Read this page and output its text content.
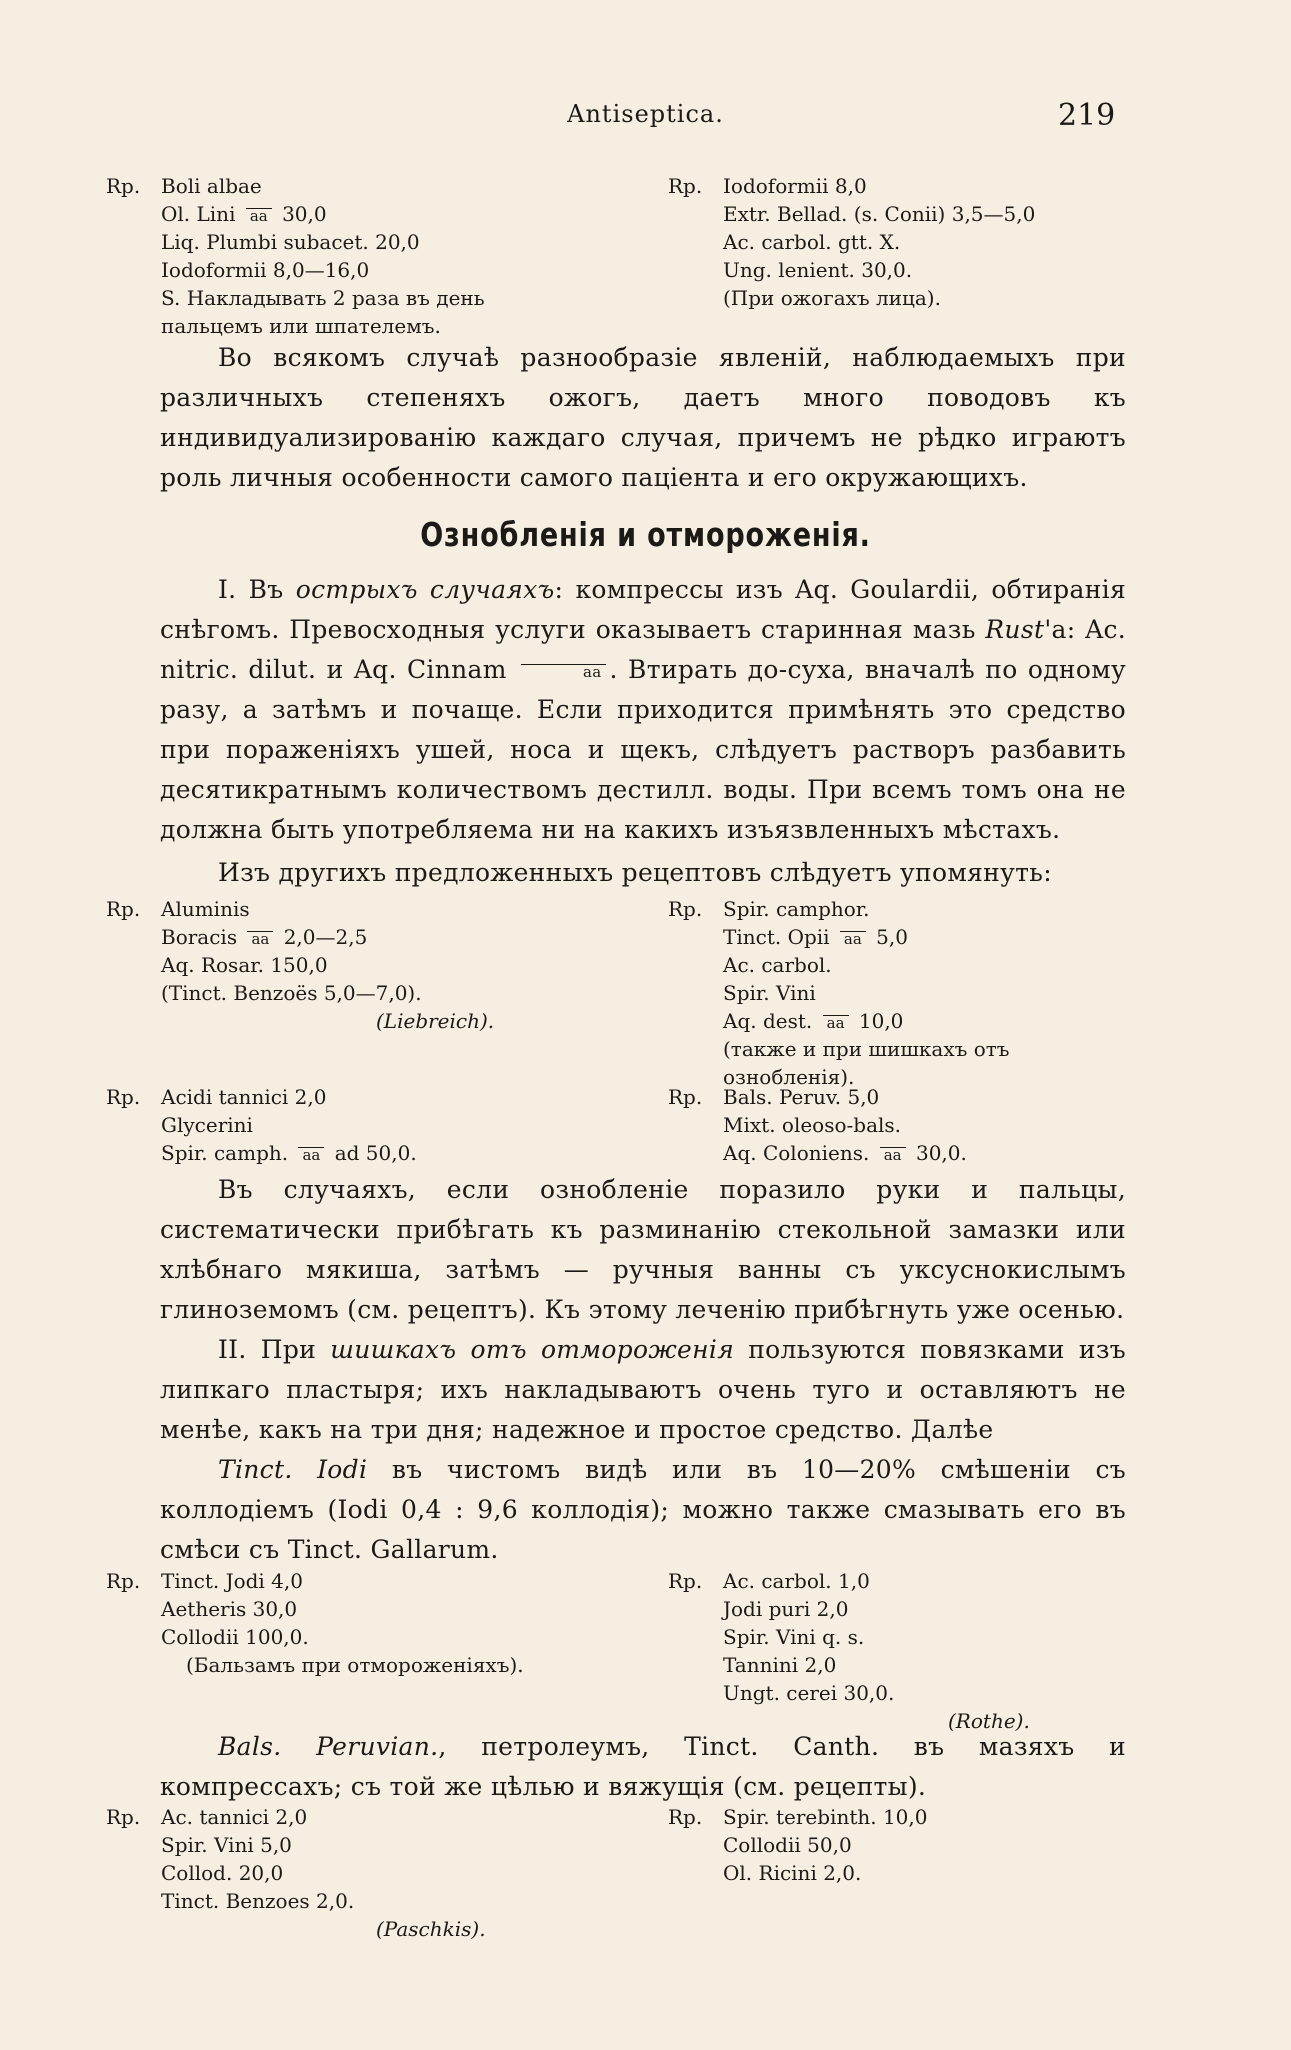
Antiseptica.	219
Rp.	Boli albae
Ol. Lini aa 30,0
Liq. Plumbi subacet. 20,0
Iodoformii 8,0—16,0
S. Накладывать 2 раза въ день
пальцемъ или шпателемъ.
Rp.	Iodoformii 8,0
Extr. Bellad. (s. Conii) 3,5—5,0
Ac. carbol. gtt. X.
Ung. lenient. 30,0.
(При ожогахъ лица).
Во всякомъ случаѣ разнообразіе явленій, наблюдаемыхъ при различныхъ степеняхъ ожогъ, даетъ много поводовъ къ индивидуализированію каждаго случая, причемъ не рѣдко играютъ роль личныя особенности самого паціента и его окружающихъ.
Ознобленія и отмороженія.
I. Въ острыхъ случаяхъ: компрессы изъ Aq. Goulardii, обтиранія снѣгомъ. Превосходныя услуги оказываетъ старинная мазь Rust'а: Ac. nitric. dilut. и Aq. Cinnam	aa . Втирать до-суха, вначалѣ по одному разу, а затѣмъ и почаще. Если приходится примѣнять это средство при пораженіяхъ ушей, носа и щекъ, слѣдуетъ растворъ разбавить десятикратнымъ количествомъ дестилл. воды. При всемъ томъ она не должна быть употребляема ни на какихъ изъязвленныхъ мѣстахъ.
Изъ другихъ предложенныхъ рецептовъ слѣдуетъ упомянуть:
Rp.	Aluminis
Boracis aa 2,0—2,5
Aq. Rosar. 150,0
(Tinct. Benzoës 5,0—7,0).
(Liebreich).
Rp.	Spir. camphor.
Tinct. Opii aa 5,0
Ac. carbol.
Spir. Vini
Aq. dest. aa 10,0
(также и при шишкахъ отъ ознобленія).
Rp.	Acidi tannici 2,0
Glycerini
Spir. camph. aa ad 50,0.
Rp.	Bals. Peruv. 5,0
Mixt. oleoso-bals.
Aq. Coloniens. aa 30,0.
Въ случаяхъ, если ознобленіе поразило руки и пальцы, систематически прибѣгать къ разминанію стекольной замазки или хлѣбнаго мякиша, затѣмъ — ручныя ванны съ уксуснокислымъ глиноземомъ (см. рецептъ). Къ этому леченію прибѣгнуть уже осенью.
II. При шишкахъ отъ отмороженія пользуются повязками изъ липкаго пластыря; ихъ накладываютъ очень туго и оставляютъ не менѣе, какъ на три дня; надежное и простое средство. Далѣе
Tinct. Iodi въ чистомъ видѣ или въ 10—20% смѣшеніи съ коллодіемъ (Iodi 0,4 : 9,6 коллодія); можно также смазывать его въ смѣси съ Tinct. Gallarum.
Rp.	Tinct. Jodi 4,0
Aetheris 30,0
Collodii 100,0.
(Бальзамъ при отмороженіяхъ).
Rp.	Ac. carbol. 1,0
Jodi puri 2,0
Spir. Vini q. s.
Tannini 2,0
Ungt. cerei 30,0.
(Rothe).
Bals. Peruvian., петролеумъ, Tinct. Canth. въ мазяхъ и компрессахъ; съ той же цѣлью и вяжущія (см. рецепты).
Rp.	Ac. tannici 2,0
Spir. Vini 5,0
Collod. 20,0
Tinct. Benzoes 2,0.
(Paschkis).
Rp.	Spir. terebinth. 10,0
Collodii 50,0
Ol. Ricini 2,0.
